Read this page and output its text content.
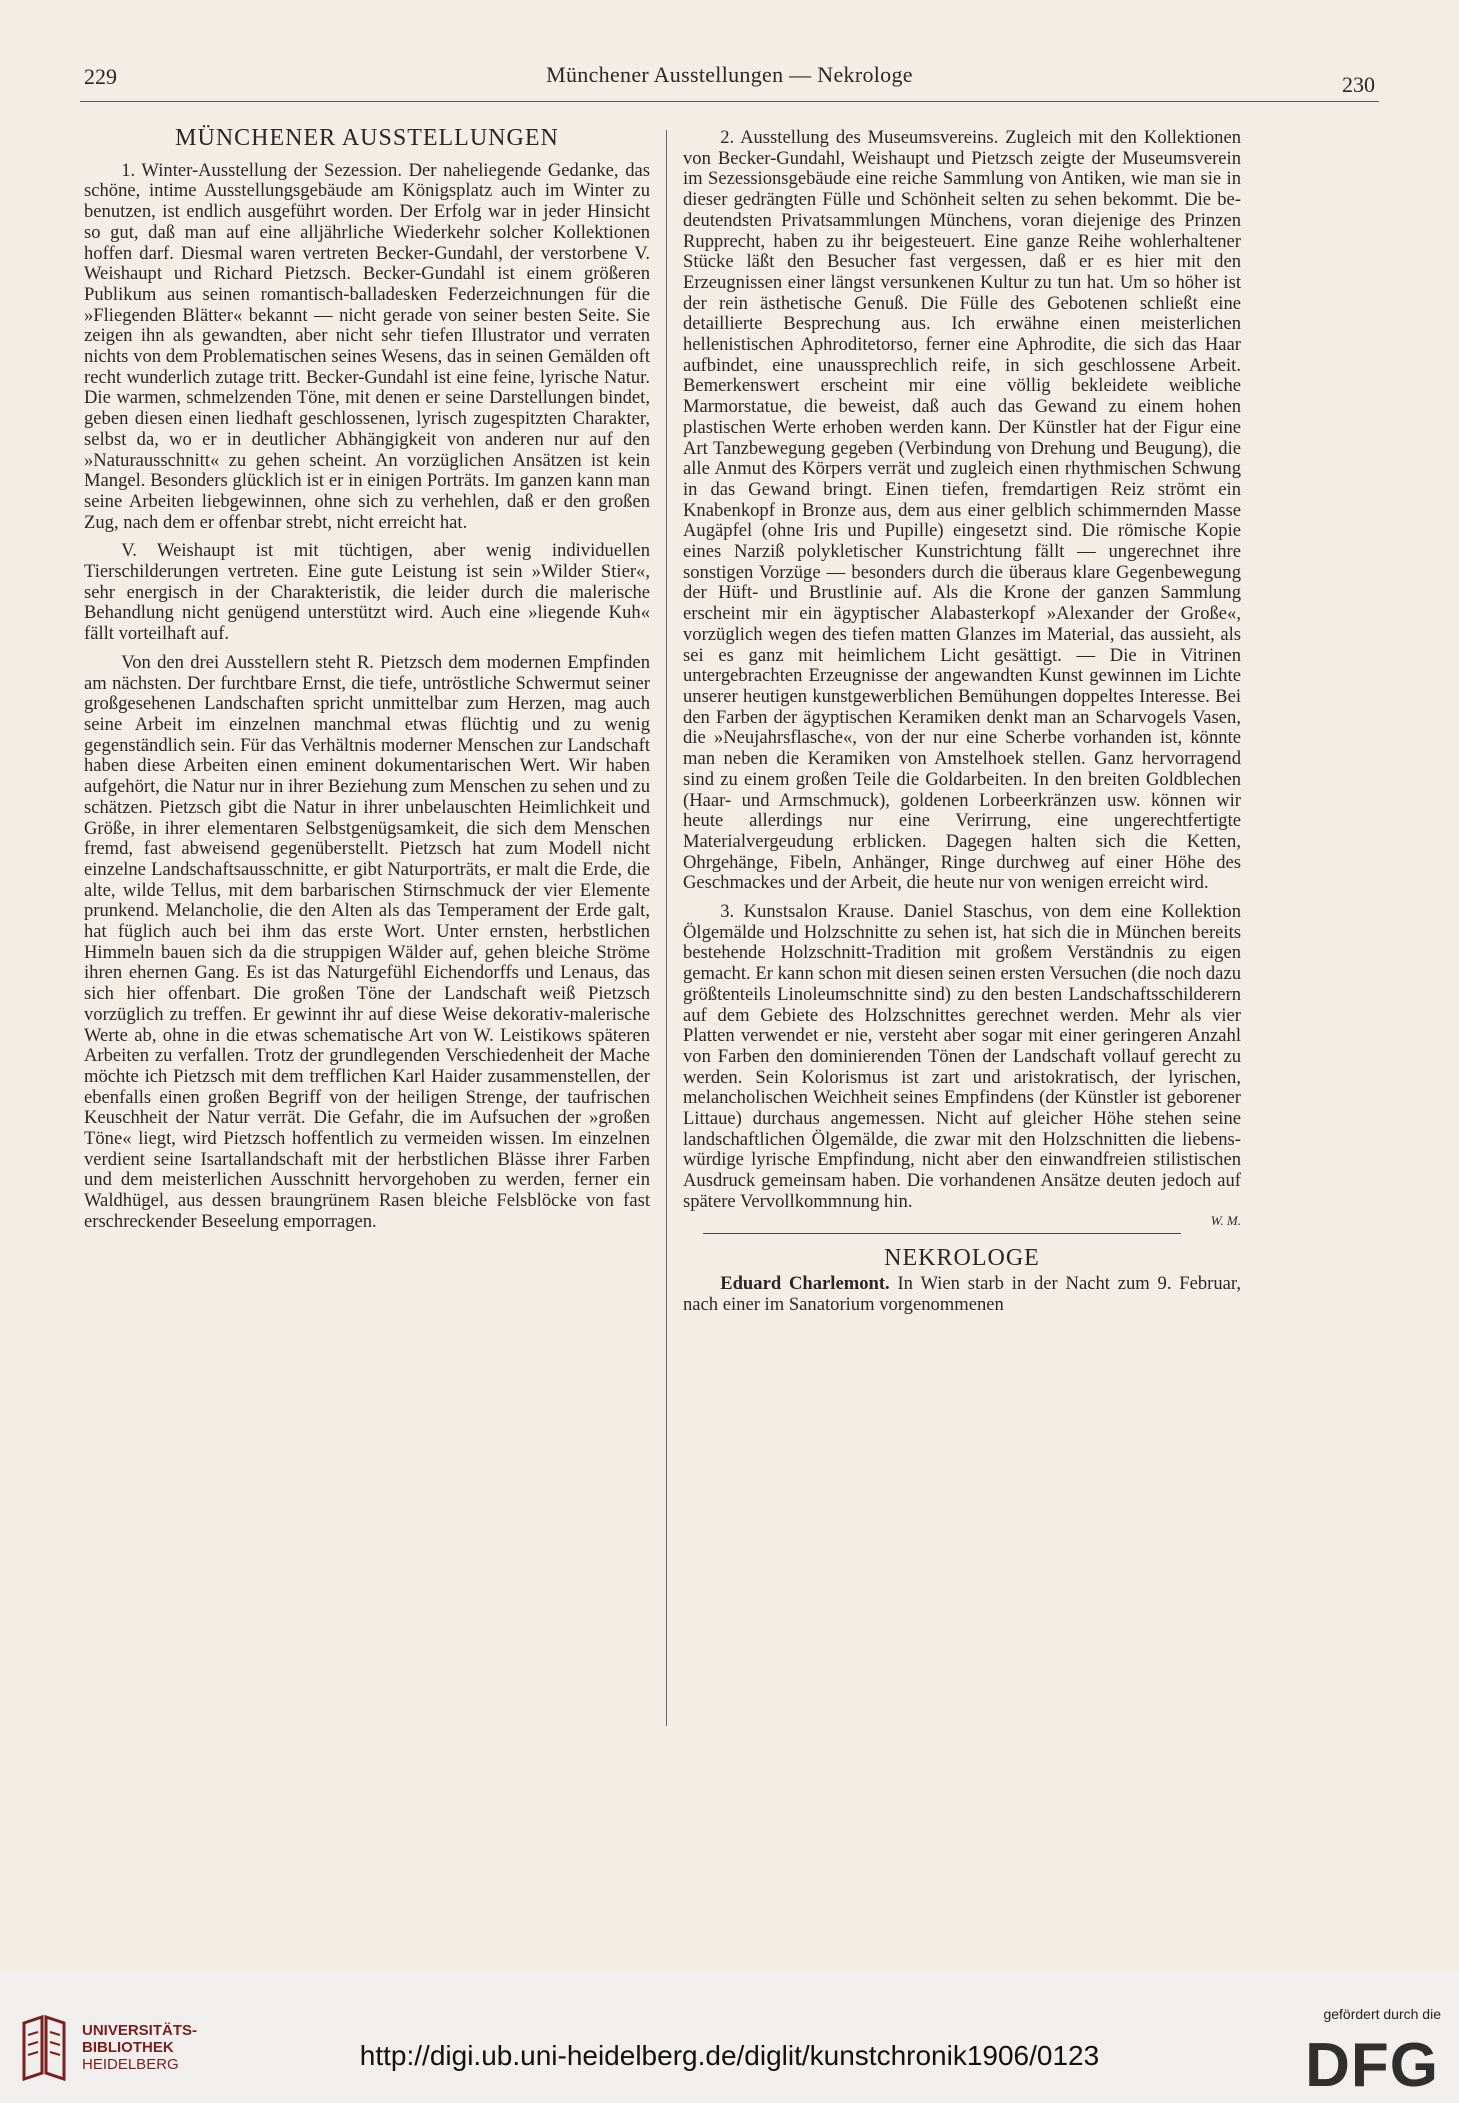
229	Münchener Ausstellungen — Nekrologe	230
MÜNCHENER AUSSTELLUNGEN

1. Winter-Ausstellung der Sezession. Der naheliegende Gedanke, das schöne, intime Ausstellungsgebäude am Königsplatz auch im Winter zu benutzen, ist endlich ausgeführt worden. Der Erfolg war in jeder Hinsicht so gut, daß man auf eine alljährliche Wiederkehr solcher Kollektionen hoffen darf. Diesmal waren vertreten Becker-Gundahl, der verstorbene V. Weishaupt und Richard Pietzsch. Becker-Gundahl ist einem größeren Publikum aus seinen romantisch-balladesken Federzeichnungen für die »Fliegenden Blätter« bekannt — nicht gerade von seiner besten Seite. Sie zeigen ihn als gewandten, aber nicht sehr tiefen Illustrator und verraten nichts von dem Problematischen seines Wesens, das in seinen Gemälden oft recht wunderlich zutage tritt. Becker-Gundahl ist eine feine, lyrische Natur. Die warmen, schmelzenden Töne, mit denen er seine Darstellungen bindet, geben diesen einen liedhaft geschlossenen, lyrisch zugespitzten Charakter, selbst da, wo er in deutlicher Abhängigkeit von anderen nur auf den »Naturausschnitt« zu gehen scheint. An vorzüglichen Ansätzen ist kein Mangel. Besonders glücklich ist er in einigen Porträts. Im ganzen kann man seine Arbeiten liebgewinnen, ohne sich zu verhehlen, daß er den großen Zug, nach dem er offenbar strebt, nicht erreicht hat.

V. Weishaupt ist mit tüchtigen, aber wenig individuellen Tierschilderungen vertreten. Eine gute Leistung ist sein »Wilder Stier«, sehr energisch in der Charakteristik, die leider durch die malerische Behandlung nicht genügend unterstützt wird. Auch eine »liegende Kuh« fällt vorteilhaft auf.

Von den drei Ausstellern steht R. Pietzsch dem modernen Empfinden am nächsten. Der furchtbare Ernst, die tiefe, untröstliche Schwermut seiner großgesehenen Landschaften spricht unmittelbar zum Herzen, mag auch seine Arbeit im einzelnen manchmal etwas flüchtig und zu wenig gegenständlich sein. Für das Verhältnis moderner Menschen zur Landschaft haben diese Arbeiten einen eminent dokumentarischen Wert. Wir haben aufgehört, die Natur nur in ihrer Beziehung zum Menschen zu sehen und zu schätzen. Pietzsch gibt die Natur in ihrer unbelauschten Heimlichkeit und Größe, in ihrer elementaren Selbstgenügsamkeit, die sich dem Menschen fremd, fast abweisend gegenüberstellt. Pietzsch hat zum Modell nicht einzelne Landschaftsausschnitte, er gibt Naturporträts, er malt die Erde, die alte, wilde Tellus, mit dem barbarischen Stirnschmuck der vier Elemente prunkend. Melancholie, die den Alten als das Temperament der Erde galt, hat füglich auch bei ihm das erste Wort. Unter ernsten, herbstlichen Himmeln bauen sich da die struppigen Wälder auf, gehen bleiche Ströme ihren ehernen Gang. Es ist das Naturgefühl Eichendorffs und Lenaus, das sich hier offenbart. Die großen Töne der Landschaft weiß Pietzsch vorzüglich zu treffen. Er gewinnt ihr auf diese Weise dekorativ-malerische Werte ab, ohne in die etwas schematische Art von W. Leistikows späteren Arbeiten zu verfallen. Trotz der grundlegenden Verschiedenheit der Mache möchte ich Pietzsch mit dem trefflichen Karl Haider zusammenstellen, der ebenfalls einen großen Begriff von der heiligen Strenge, der taufrischen Keuschheit der Natur verrät. Die Gefahr, die im Aufsuchen der »großen Töne« liegt, wird Pietzsch hoffentlich zu vermeiden wissen. Im einzelnen verdient seine Isartallandschaft mit der herbstlichen Blässe ihrer Farben und dem meisterlichen Ausschnitt hervorgehoben zu werden, ferner ein Waldhügel, aus dessen braungrünem Rasen bleiche Felsblöcke von fast erschreckender Beseelung emporragen.

2. Ausstellung des Museumsvereins. Zugleich mit den Kollektionen von Becker-Gundahl, Weishaupt und Pietzsch zeigte der Museumsverein im Sezessionsgebäude eine reiche Sammlung von Antiken, wie man sie in dieser gedrängten Fülle und Schönheit selten zu sehen bekommt. Die bedeutendsten Privatsammlungen Münchens, voran diejenige des Prinzen Rupprecht, haben zu ihr beigesteuert. Eine ganze Reihe wohlerhaltener Stücke läßt den Besucher fast vergessen, daß er es hier mit den Erzeugnissen einer längst versunkenen Kultur zu tun hat. Um so höher ist der rein ästhetische Genuß. Die Fülle des Gebotenen schließt eine detaillierte Besprechung aus. Ich erwähne einen meisterlichen hellenistischen Aphroditetorso, ferner eine Aphrodite, die sich das Haar aufbindet, eine unaussprechlich reife, in sich geschlossene Arbeit. Bemerkenswert erscheint mir eine völlig bekleidete weibliche Marmorstatue, die beweist, daß auch das Gewand zu einem hohen plastischen Werte erhoben werden kann. Der Künstler hat der Figur eine Art Tanzbewegung gegeben (Verbindung von Drehung und Beugung), die alle Anmut des Körpers verrät und zugleich einen rhythmischen Schwung in das Gewand bringt. Einen tiefen, fremdartigen Reiz strömt ein Knabenkopf in Bronze aus, dem aus einer gelblich schimmernden Masse Augäpfel (ohne Iris und Pupille) eingesetzt sind. Die römische Kopie eines Narziß polykletischer Kunstrichtung fällt — ungerechnet ihre sonstigen Vorzüge — besonders durch die überaus klare Gegenbewegung der Hüft- und Brustlinie auf. Als die Krone der ganzen Sammlung erscheint mir ein ägyptischer Alabasterkopf »Alexander der Große«, vorzüglich wegen des tiefen matten Glanzes im Material, das aussieht, als sei es ganz mit heimlichem Licht gesättigt. — Die in Vitrinen untergebrachten Erzeugnisse der angewandten Kunst gewinnen im Lichte unserer heutigen kunstgewerblichen Bemühungen doppeltes Interesse. Bei den Farben der ägyptischen Keramiken denkt man an Scharvogels Vasen, die »Neujahrsflasche«, von der nur eine Scherbe vorhanden ist, könnte man neben die Keramiken von Amstelhoek stellen. Ganz hervorragend sind zu einem großen Teile die Goldarbeiten. In den breiten Goldblechen (Haar- und Armschmuck), goldenen Lorbeerkränzen usw. können wir heute allerdings nur eine Verirrung, eine ungerechtfertigte Materialvergeudung erblicken. Dagegen halten sich die Ketten, Ohrgehänge, Fibeln, Anhänger, Ringe durchweg auf einer Höhe des Geschmackes und der Arbeit, die heute nur von wenigen erreicht wird.

3. Kunstsalon Krause. Daniel Staschus, von dem eine Kollektion Ölgemälde und Holzschnitte zu sehen ist, hat sich die in München bereits bestehende Holzschnitt-Tradition mit großem Verständnis zu eigen gemacht. Er kann schon mit diesen seinen ersten Versuchen (die noch dazu größtenteils Linoleumschnitte sind) zu den besten Landschaftsschilderern auf dem Gebiete des Holzschnittes gerechnet werden. Mehr als vier Platten verwendet er nie, versteht aber sogar mit einer geringeren Anzahl von Farben den dominierenden Tönen der Landschaft vollauf gerecht zu werden. Sein Kolorismus ist zart und aristokratisch, der lyrischen, melancholischen Weichheit seines Empfindens (der Künstler ist geborener Littaue) durchaus angemessen. Nicht auf gleicher Höhe stehen seine landschaftlichen Ölgemälde, die zwar mit den Holzschnitten die liebenswürdige lyrische Empfindung, nicht aber den einwandfreien stilistischen Ausdruck gemeinsam haben. Die vorhandenen Ansätze deuten jedoch auf spätere Vervollkommnung hin.

W. M.

NEKROLOGE

Eduard Charlemont. In Wien starb in der Nacht zum 9. Februar, nach einer im Sanatorium vorgenommenen

UNIVERSITÄTS-
BIBLIOTHEK
HEIDELBERG	http://digi.ub.uni-heidelberg.de/diglit/kunstchronik1906/0123
gefördert durch die
DFG
